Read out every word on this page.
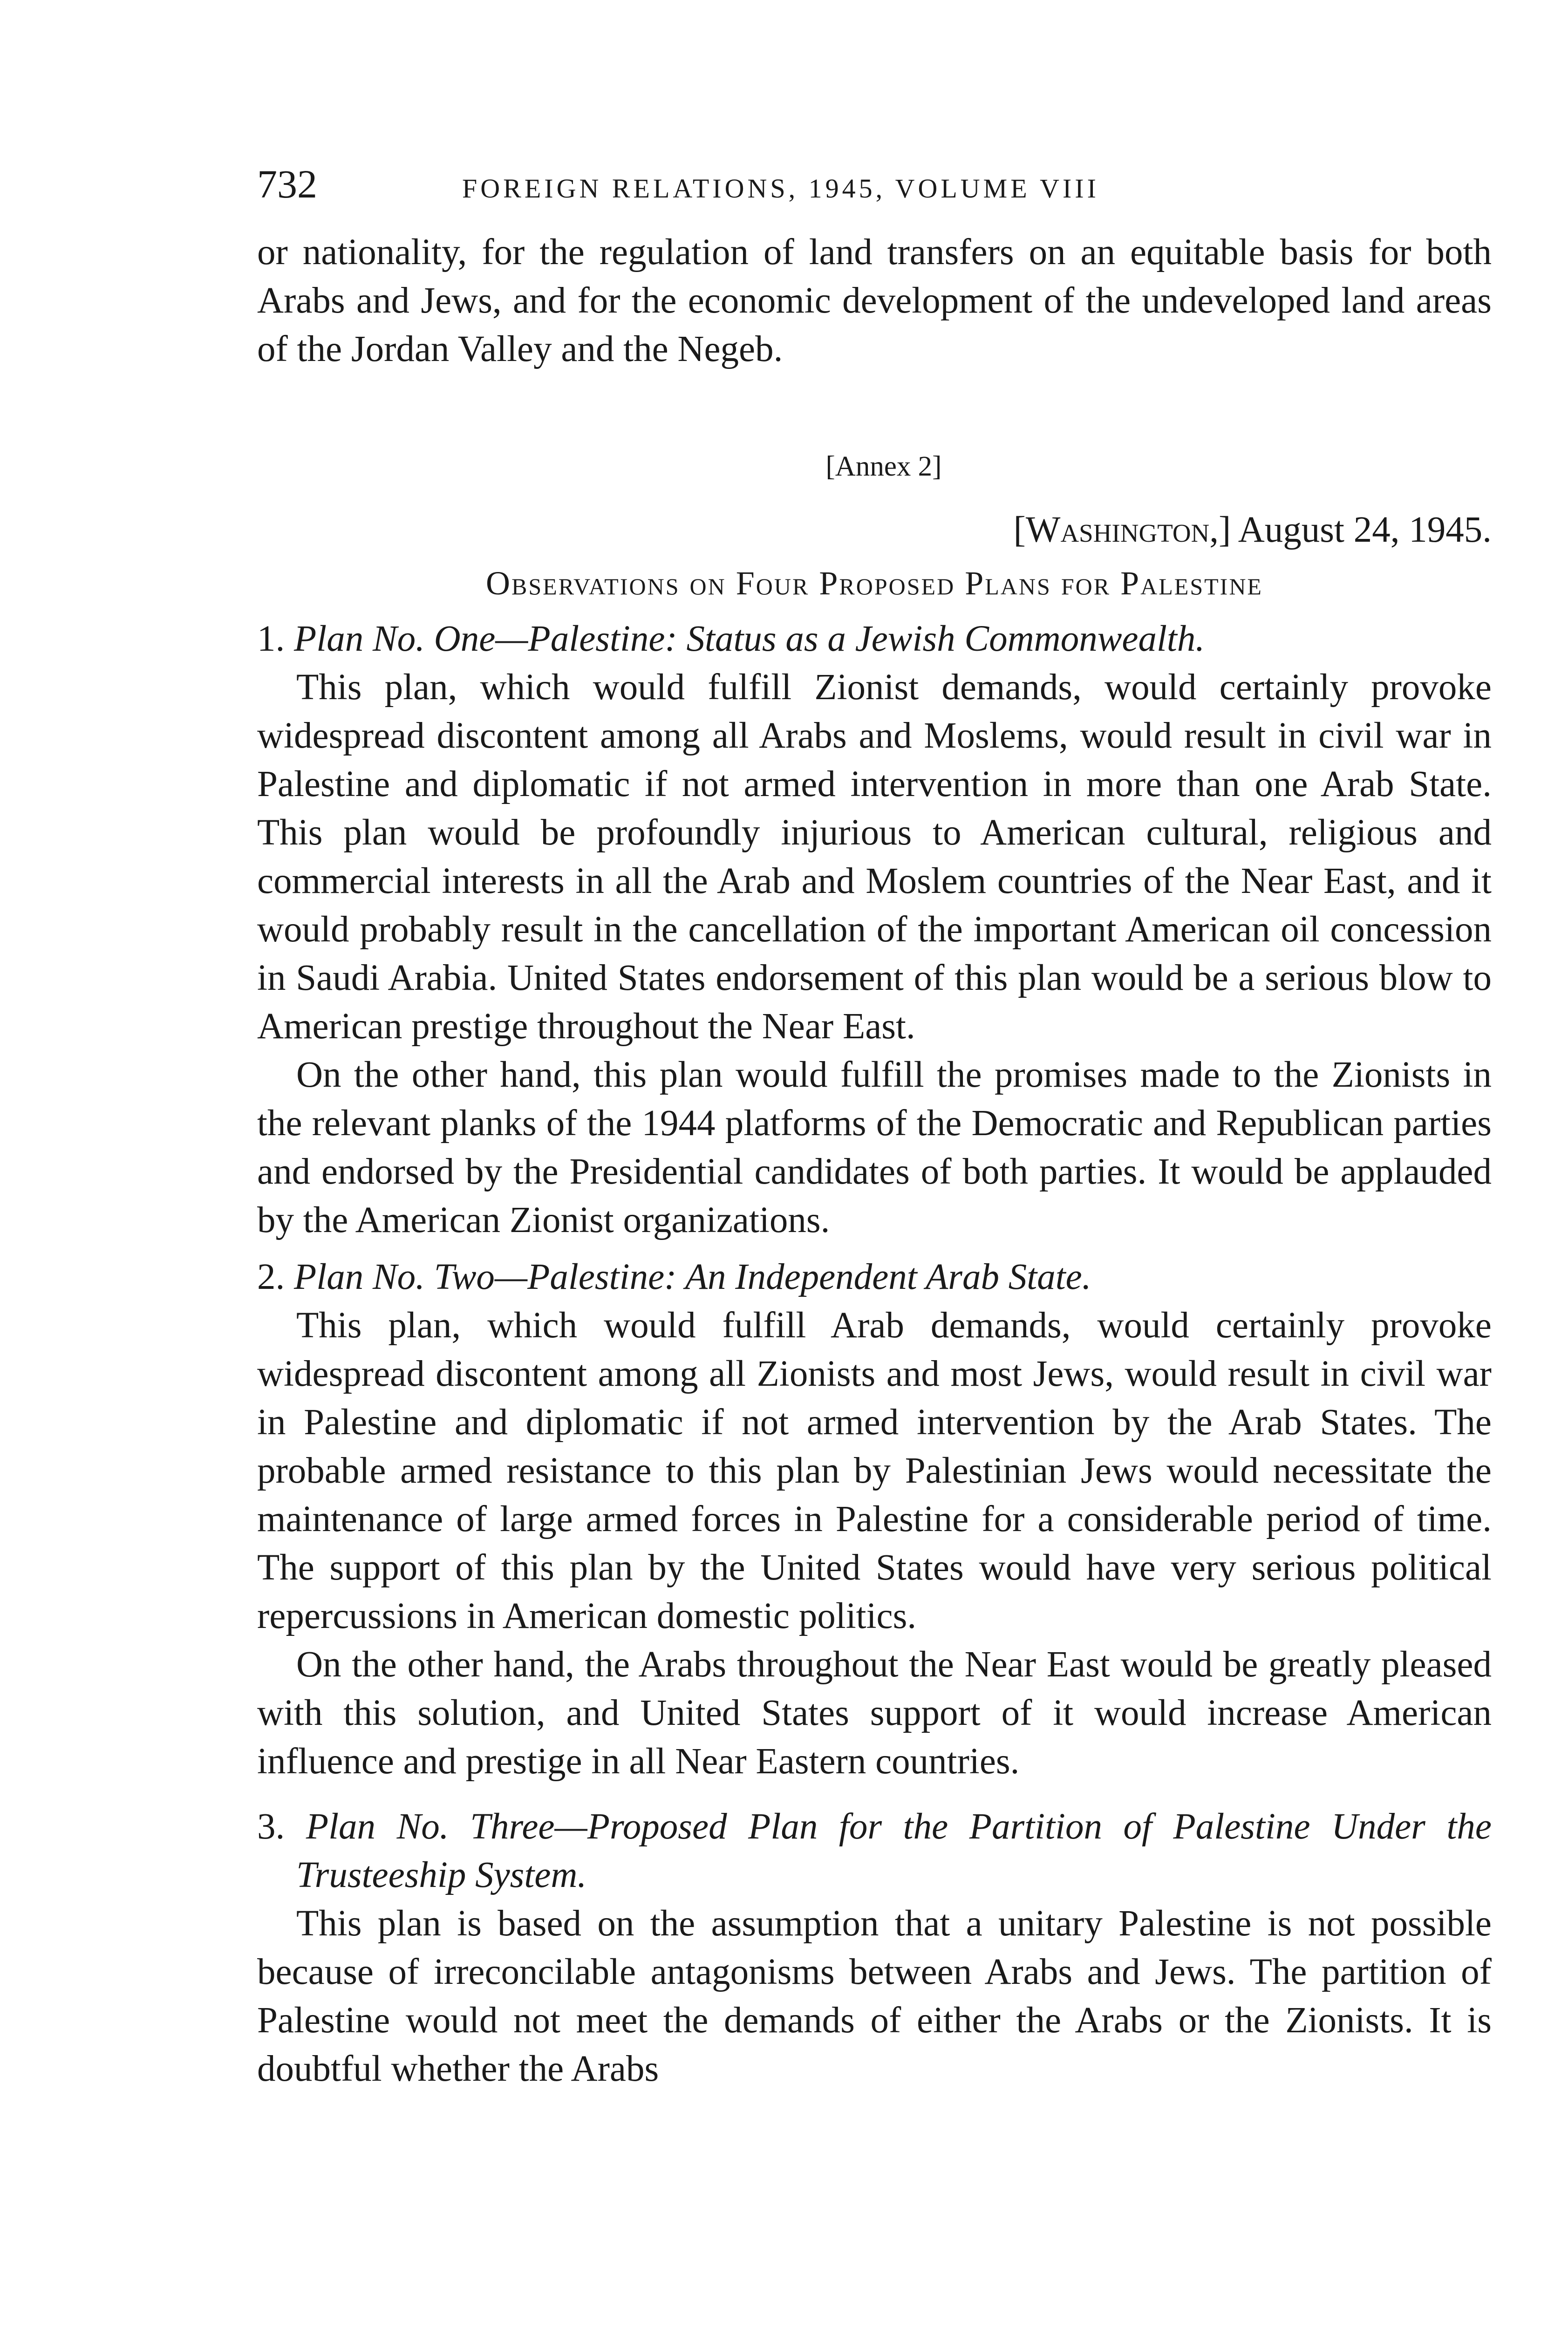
732	FOREIGN RELATIONS, 1945, VOLUME VIII

or nationality, for the regulation of land transfers on an equitable basis for both Arabs and Jews, and for the economic development of the undeveloped land areas of the Jordan Valley and the Negeb.

[Annex 2]
[Washington,] August 24, 1945.
Observations on Four Proposed Plans for Palestine
1. Plan No. One—Palestine: Status as a Jewish Commonwealth.

This plan, which would fulfill Zionist demands, would certainly provoke widespread discontent among all Arabs and Moslems, would result in civil war in Palestine and diplomatic if not armed intervention in more than one Arab State. This plan would be profoundly injurious to American cultural, religious and commercial interests in all the Arab and Moslem countries of the Near East, and it would probably result in the cancellation of the important American oil concession in Saudi Arabia. United States endorsement of this plan would be a serious blow to American prestige throughout the Near East.

On the other hand, this plan would fulfill the promises made to the Zionists in the relevant planks of the 1944 platforms of the Democratic and Republican parties and endorsed by the Presidential candidates of both parties. It would be applauded by the American Zionist organizations.

2. Plan No. Two—Palestine: An Independent Arab State.

This plan, which would fulfill Arab demands, would certainly provoke widespread discontent among all Zionists and most Jews, would result in civil war in Palestine and diplomatic if not armed intervention by the Arab States. The probable armed resistance to this plan by Palestinian Jews would necessitate the maintenance of large armed forces in Palestine for a considerable period of time. The support of this plan by the United States would have very serious political repercussions in American domestic politics.

On the other hand, the Arabs throughout the Near East would be greatly pleased with this solution, and United States support of it would increase American influence and prestige in all Near Eastern countries.

3. Plan No. Three—Proposed Plan for the Partition of Palestine Under the Trusteeship System.

This plan is based on the assumption that a unitary Palestine is not possible because of irreconcilable antagonisms between Arabs and Jews. The partition of Palestine would not meet the demands of either the Arabs or the Zionists. It is doubtful whether the Arabs
